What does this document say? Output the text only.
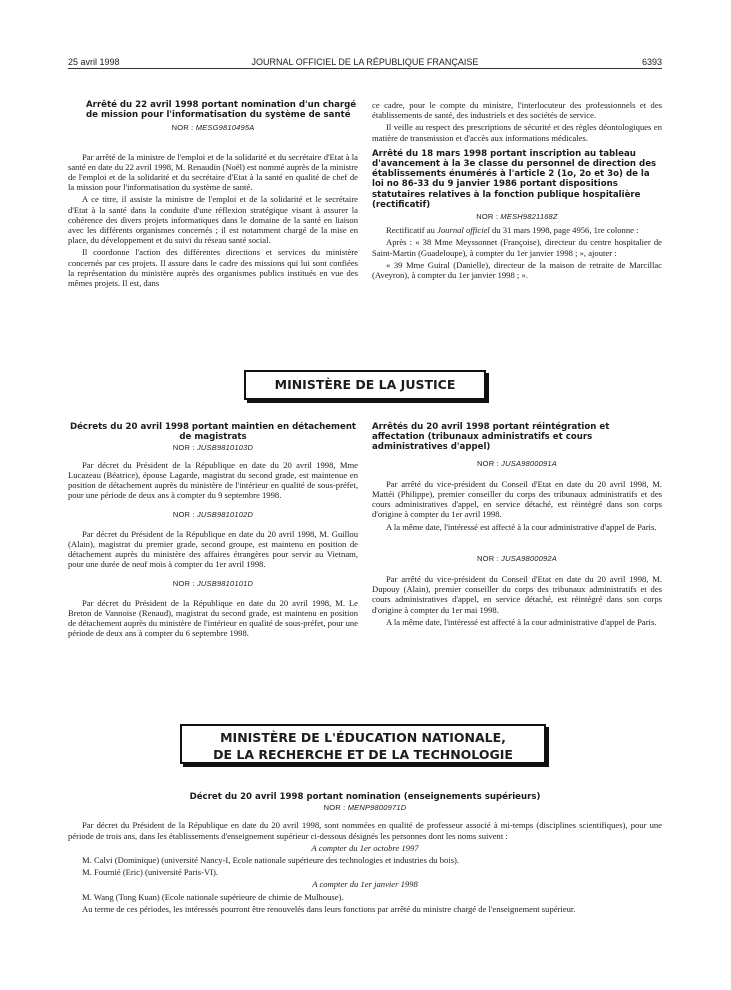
25 avril 1998	JOURNAL OFFICIEL DE LA RÉPUBLIQUE FRANÇAISE	6393

Arrêté du 22 avril 1998 portant nomination d'un chargé de mission pour l'informatisation du système de santé

NOR : MESG9810495A

Par arrêté de la ministre de l'emploi et de la solidarité et du secrétaire d'Etat à la santé en date du 22 avril 1998, M. Renaudin (Noël) est nommé auprès de la ministre de l'emploi et de la solidarité et du secrétaire d'Etat à la santé en qualité de chef de la mission pour l'informatisation du système de santé.

A ce titre, il assiste la ministre de l'emploi et de la solidarité et le secrétaire d'Etat à la santé dans la conduite d'une réflexion stratégique visant à assurer la cohérence des divers projets informatiques dans le domaine de la santé en liaison avec les différents organismes concernés ; il est notamment chargé de la mise en place, du développement et du suivi du réseau santé social.

Il coordonne l'action des différentes directions et services du ministère concernés par ces projets. Il assure dans le cadre des missions qui lui sont confiées la représentation du ministère auprès des organismes publics institués en vue des mêmes projets. Il est, dans

ce cadre, pour le compte du ministre, l'interlocuteur des professionnels et des établissements de santé, des industriels et des sociétés de service.

Il veille au respect des prescriptions de sécurité et des règles déontologiques en matière de transmission et d'accès aux informations médicales.

Arrêté du 18 mars 1998 portant inscription au tableau d'avancement à la 3e classe du personnel de direction des établissements énumérés à l'article 2 (1o, 2o et 3o) de la loi no 86-33 du 9 janvier 1986 portant dispositions statutaires relatives à la fonction publique hospitalière (rectificatif)

NOR : MESH9821168Z

Rectificatif au Journal officiel du 31 mars 1998, page 4956, 1re colonne :

Après : « 38 Mme Meyssonnet (Françoise), directeur du centre hospitalier de Saint-Martin (Guadeloupe), à compter du 1er janvier 1998 ; », ajouter :

« 39 Mme Guiral (Danielle), directeur de la maison de retraite de Marcillac (Aveyron), à compter du 1er janvier 1998 ; ».

MINISTÈRE DE LA JUSTICE

Décrets du 20 avril 1998 portant maintien en détachement de magistrats

NOR : JUSB9810103D

Par décret du Président de la République en date du 20 avril 1998, Mme Lucazeau (Béatrice), épouse Lagarde, magistrat du second grade, est maintenue en position de détachement auprès du ministère de l'intérieur en qualité de sous-préfet, pour une période de deux ans à compter du 9 septembre 1998.

NOR : JUSB9810102D

Par décret du Président de la République en date du 20 avril 1998, M. Guillou (Alain), magistrat du premier grade, second groupe, est maintenu en position de détachement auprès du ministère des affaires étrangères pour servir au Vietnam, pour une durée de neuf mois à compter du 1er avril 1998.

NOR : JUSB9810101D

Par décret du Président de la République en date du 20 avril 1998, M. Le Breton de Vannoise (Renaud), magistrat du second grade, est maintenu en position de détachement auprès du ministère de l'intérieur en qualité de sous-préfet, pour une période de deux ans à compter du 6 septembre 1998.

Arrêtés du 20 avril 1998 portant réintégration et affectation (tribunaux administratifs et cours administratives d'appel)

NOR : JUSA9800091A

Par arrêté du vice-président du Conseil d'Etat en date du 20 avril 1998, M. Mattéi (Philippe), premier conseiller du corps des tribunaux administratifs et des cours administratives d'appel, en service détaché, est réintégré dans son corps d'origine à compter du 1er avril 1998.

A la même date, l'intéressé est affecté à la cour administrative d'appel de Paris.

NOR : JUSA9800092A

Par arrêté du vice-président du Conseil d'Etat en date du 20 avril 1998, M. Dupouy (Alain), premier conseiller du corps des tribunaux administratifs et des cours administratives d'appel, en service détaché, est réintégré dans son corps d'origine à compter du 1er mai 1998.

A la même date, l'intéressé est affecté à la cour administrative d'appel de Paris.

MINISTÈRE DE L'ÉDUCATION NATIONALE,
DE LA RECHERCHE ET DE LA TECHNOLOGIE

Décret du 20 avril 1998 portant nomination (enseignements supérieurs)

NOR : MENP9800971D

Par décret du Président de la République en date du 20 avril 1998, sont nommées en qualité de professeur associé à mi-temps (disciplines scientifiques), pour une période de trois ans, dans les établissements d'enseignement supérieur ci-dessous désignés les personnes dont les noms suivent :

A compter du 1er octobre 1997

M. Calvi (Dominique) (université Nancy-I, Ecole nationale supérieure des technologies et industries du bois).

M. Fournié (Eric) (université Paris-VI).

A compter du 1er janvier 1998

M. Wang (Tong Kuan) (Ecole nationale supérieure de chimie de Mulhouse).

Au terme de ces périodes, les intéressés pourront être renouvelés dans leurs fonctions par arrêté du ministre chargé de l'enseignement supérieur.
